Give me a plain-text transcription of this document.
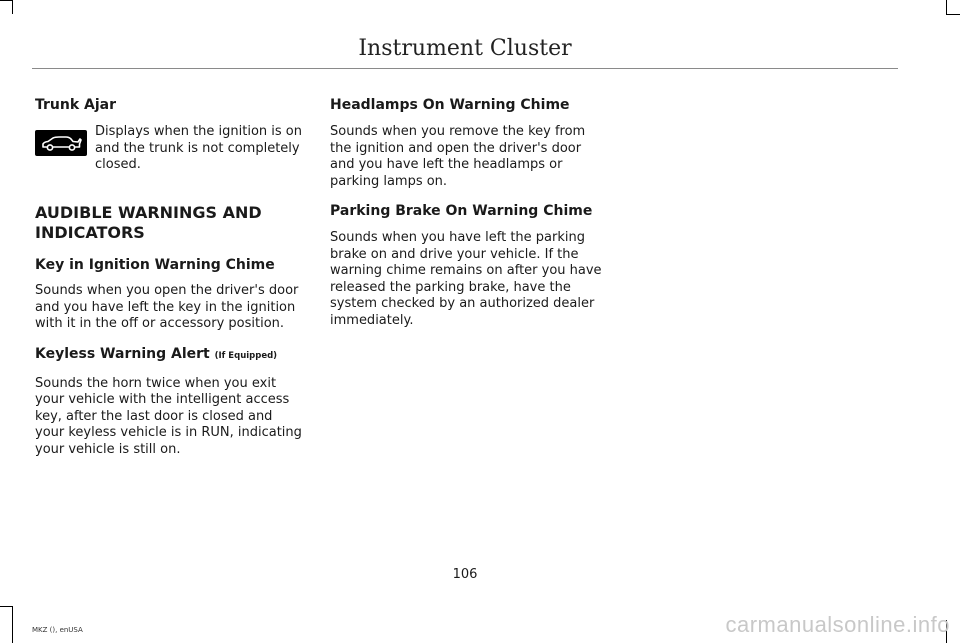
Instrument Cluster

Trunk Ajar

Displays when the ignition is on and the trunk is not completely closed.

AUDIBLE WARNINGS AND

INDICATORS

Key in Ignition Warning Chime

Sounds when you open the driver's door and you have left the key in the ignition with it in the off or accessory position.

Keyless Warning Alert (If Equipped)

Sounds the horn twice when you exit your vehicle with the intelligent access key, after the last door is closed and your keyless vehicle is in RUN, indicating your vehicle is still on.

Headlamps On Warning Chime

Sounds when you remove the key from the ignition and open the driver's door and you have left the headlamps or parking lamps on.

Parking Brake On Warning Chime

Sounds when you have left the parking brake on and drive your vehicle. If the warning chime remains on after you have released the parking brake, have the system checked by an authorized dealer immediately.

106
MKZ (), enUSA	carmanualsonline.info
